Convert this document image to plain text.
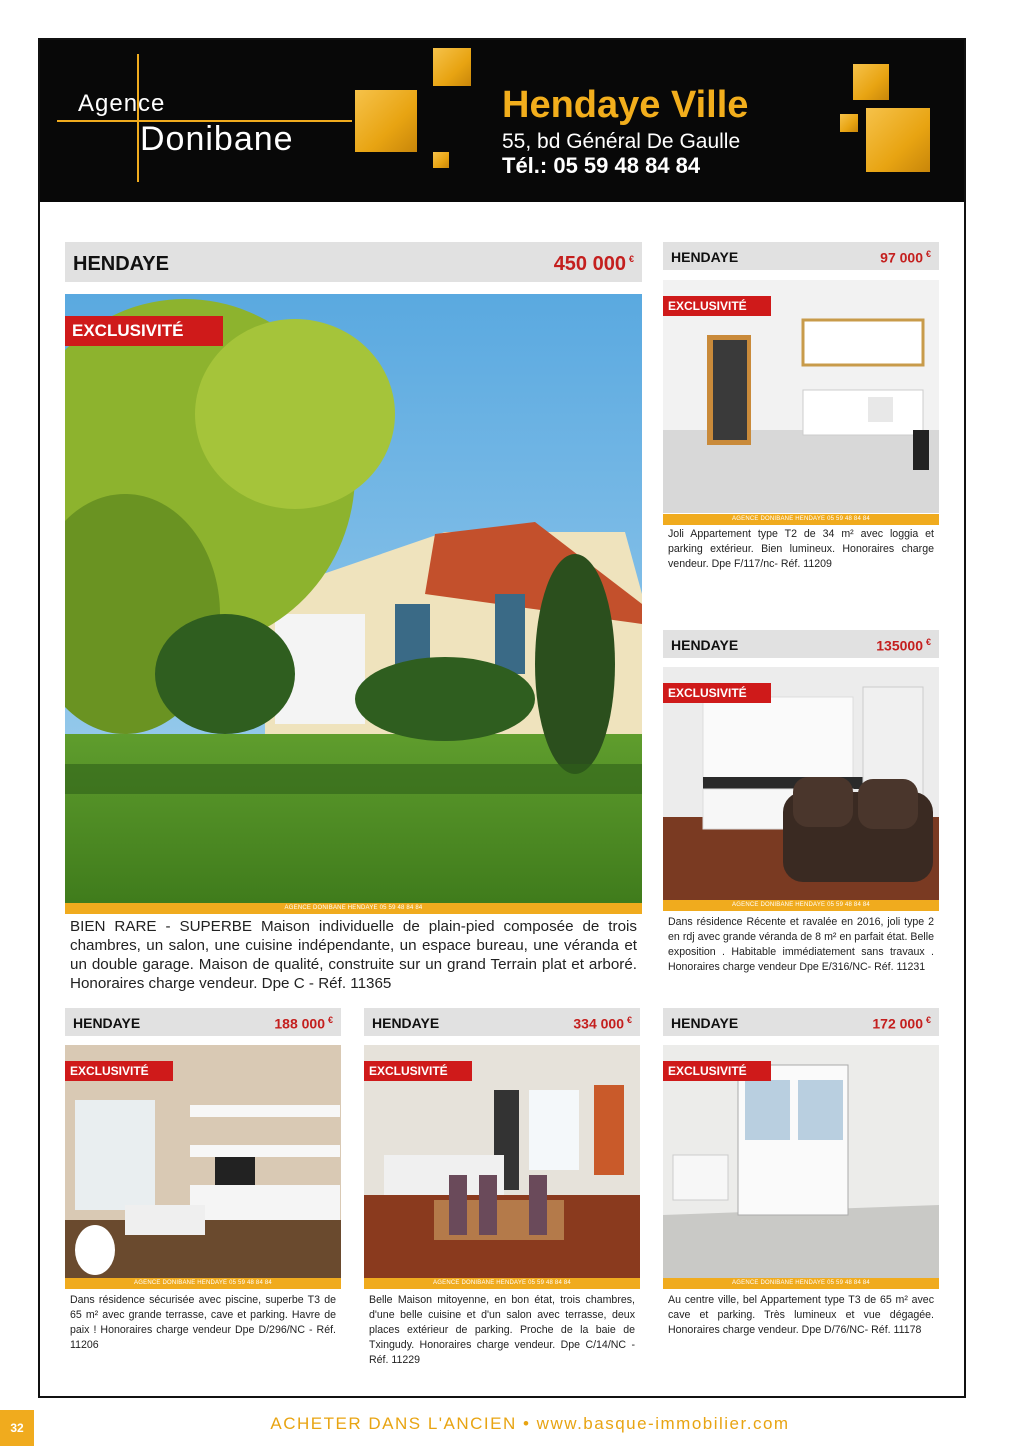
Agence
Donibane
Hendaye Ville
55, bd Général De Gaulle
Tél.: 05 59 48 84 84
HENDAYE	450 000 €
EXCLUSIVITÉ
AGENCE DONIBANE HENDAYE 05 59 48 84 84
BIEN RARE - SUPERBE Maison individuelle de plain-pied composée de trois chambres, un salon, une cuisine indépendante, un espace bureau, une véranda et un double garage. Maison de qualité, construite sur un grand Terrain plat et arboré. Honoraires charge vendeur. Dpe C - Réf. 11365
HENDAYE	97 000 €
EXCLUSIVITÉ
AGENCE DONIBANE HENDAYE 05 59 48 84 84
Joli Appartement type T2 de 34 m² avec loggia et parking extérieur. Bien lumineux. Honoraires charge vendeur. Dpe F/117/nc- Réf. 11209
HENDAYE	135000 €
EXCLUSIVITÉ
AGENCE DONIBANE HENDAYE 05 59 48 84 84
Dans résidence Récente et ravalée en 2016, joli type 2 en rdj avec grande véranda de 8 m² en parfait état. Belle exposition . Habitable immédiatement sans travaux . Honoraires charge vendeur Dpe E/316/NC- Réf. 11231
HENDAYE	188 000 €
EXCLUSIVITÉ
AGENCE DONIBANE HENDAYE 05 59 48 84 84
Dans résidence sécurisée avec piscine, superbe T3 de 65 m² avec grande terrasse, cave et parking. Havre de paix ! Honoraires charge vendeur Dpe D/296/NC - Réf. 11206
HENDAYE	334 000 €
EXCLUSIVITÉ
AGENCE DONIBANE HENDAYE 05 59 48 84 84
Belle Maison mitoyenne, en bon état, trois chambres, d'une belle cuisine et d'un salon avec terrasse, deux places extérieur de parking. Proche de la baie de Txingudy. Honoraires charge vendeur. Dpe C/14/NC - Réf. 11229
HENDAYE	172 000 €
EXCLUSIVITÉ
AGENCE DONIBANE HENDAYE 05 59 48 84 84
Au centre ville, bel Appartement type T3 de 65 m² avec cave et parking. Très lumineux et vue dégagée. Honoraires charge vendeur. Dpe D/76/NC- Réf. 11178
32	ACHETER DANS L'ANCIEN • www.basque-immobilier.com
